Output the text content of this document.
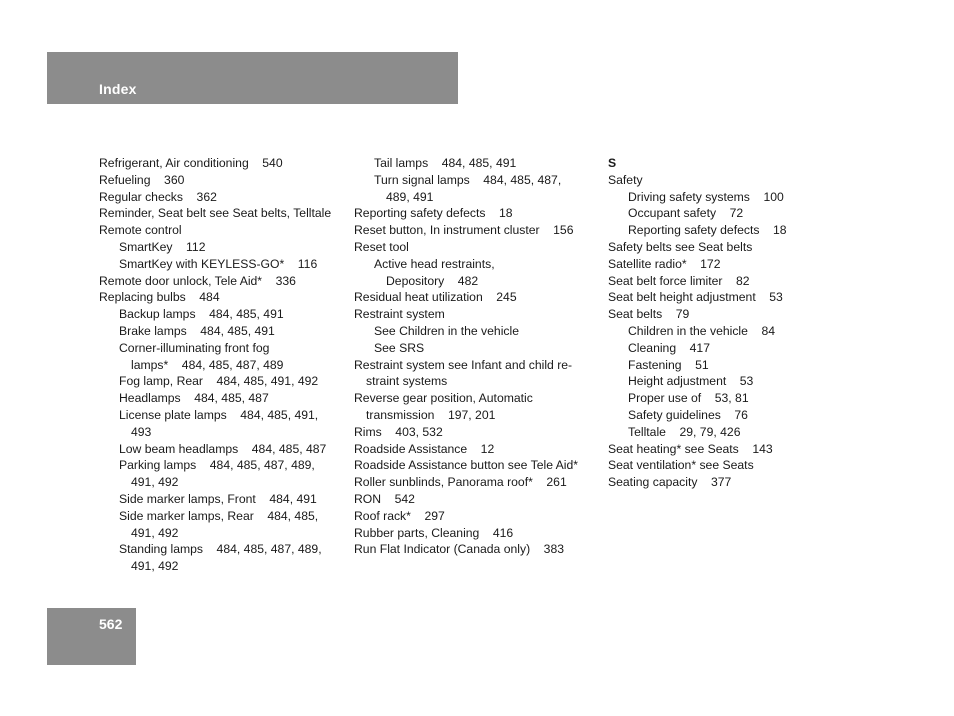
Index
Refrigerant, Air conditioning    540
Refueling    360
Regular checks    362
Reminder, Seat belt see Seat belts, Telltale
Remote control
SmartKey    112
SmartKey with KEYLESS-GO*    116
Remote door unlock, Tele Aid*    336
Replacing bulbs    484
Backup lamps    484, 485, 491
Brake lamps    484, 485, 491
Corner-illuminating front fog
lamps*    484, 485, 487, 489
Fog lamp, Rear    484, 485, 491, 492
Headlamps    484, 485, 487
License plate lamps    484, 485, 491,
493
Low beam headlamps    484, 485, 487
Parking lamps    484, 485, 487, 489,
491, 492
Side marker lamps, Front    484, 491
Side marker lamps, Rear    484, 485,
491, 492
Standing lamps    484, 485, 487, 489,
491, 492
Tail lamps    484, 485, 491
Turn signal lamps    484, 485, 487,
489, 491
Reporting safety defects    18
Reset button, In instrument cluster    156
Reset tool
Active head restraints,
Depository    482
Residual heat utilization    245
Restraint system
See Children in the vehicle
See SRS
Restraint system see Infant and child re-
straint systems
Reverse gear position, Automatic
transmission    197, 201
Rims    403, 532
Roadside Assistance    12
Roadside Assistance button see Tele Aid*
Roller sunblinds, Panorama roof*    261
RON    542
Roof rack*    297
Rubber parts, Cleaning    416
Run Flat Indicator (Canada only)    383
S
Safety
Driving safety systems    100
Occupant safety    72
Reporting safety defects    18
Safety belts see Seat belts
Satellite radio*    172
Seat belt force limiter    82
Seat belt height adjustment    53
Seat belts    79
Children in the vehicle    84
Cleaning    417
Fastening    51
Height adjustment    53
Proper use of    53, 81
Safety guidelines    76
Telltale    29, 79, 426
Seat heating* see Seats    143
Seat ventilation* see Seats
Seating capacity    377
562
